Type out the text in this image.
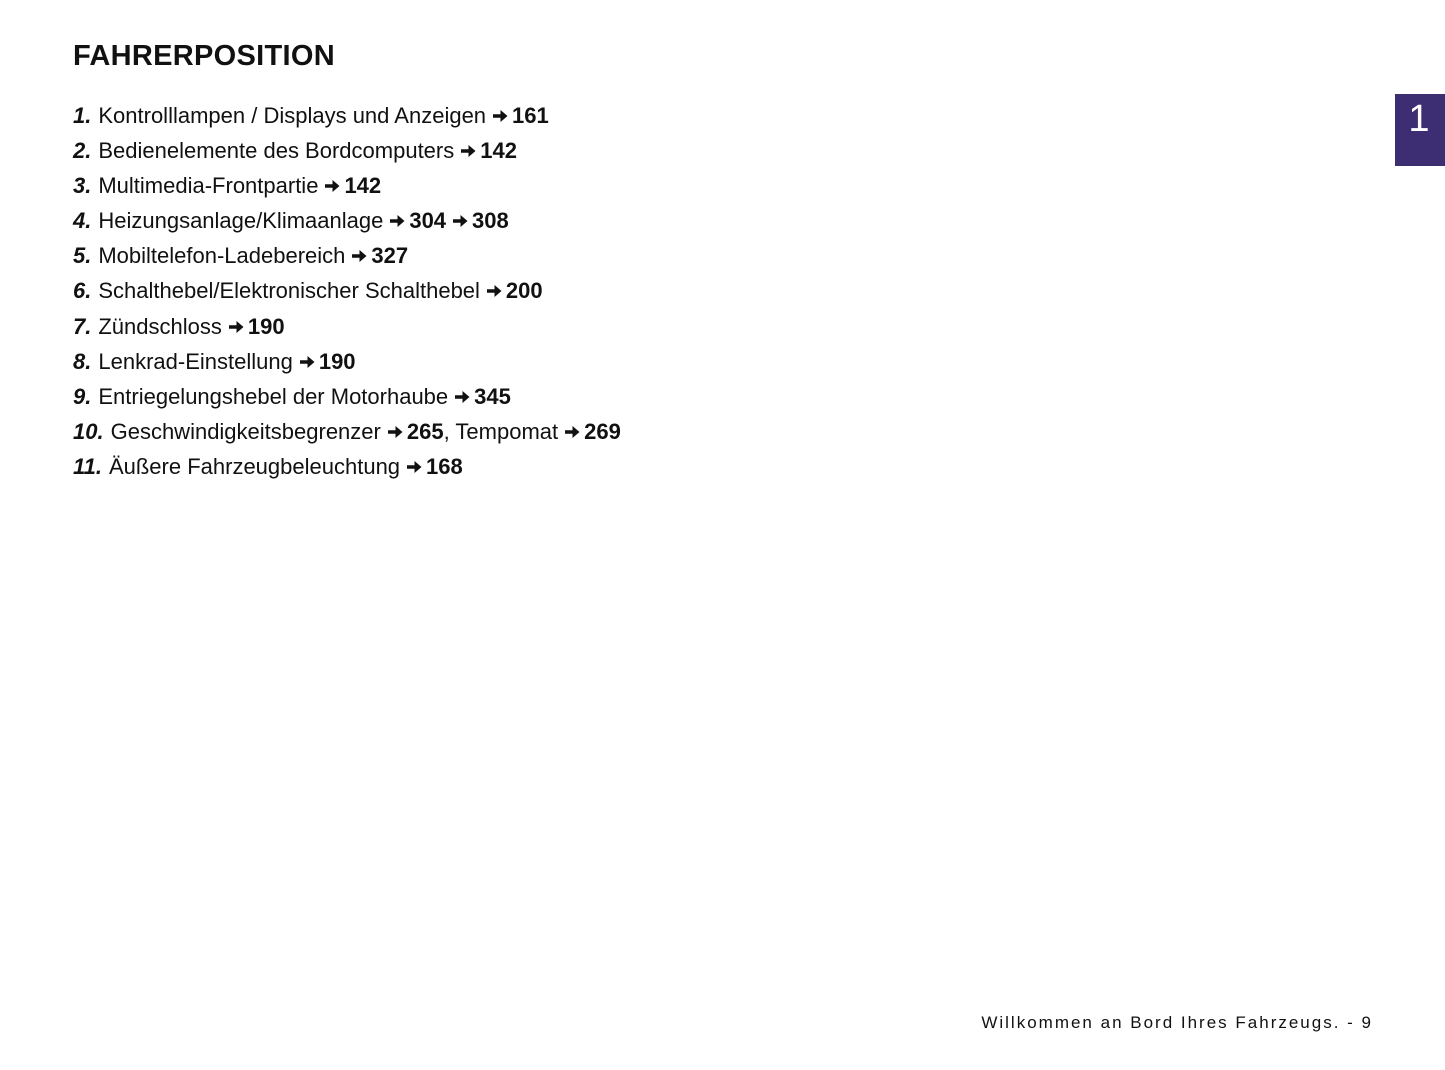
FAHRERPOSITION
1. Kontrolllampen / Displays und Anzeigen 161
2. Bedienelemente des Bordcomputers 142
3. Multimedia-Frontpartie 142
4. Heizungsanlage/Klimaanlage 304 308
5. Mobiltelefon-Ladebereich 327
6. Schalthebel/Elektronischer Schalthebel 200
7. Zündschloss 190
8. Lenkrad-Einstellung 190
9. Entriegelungshebel der Motorhaube 345
10. Geschwindigkeitsbegrenzer 265, Tempomat 269
11. Äußere Fahrzeugbeleuchtung 168
1
Willkommen an Bord Ihres Fahrzeugs. - 9
